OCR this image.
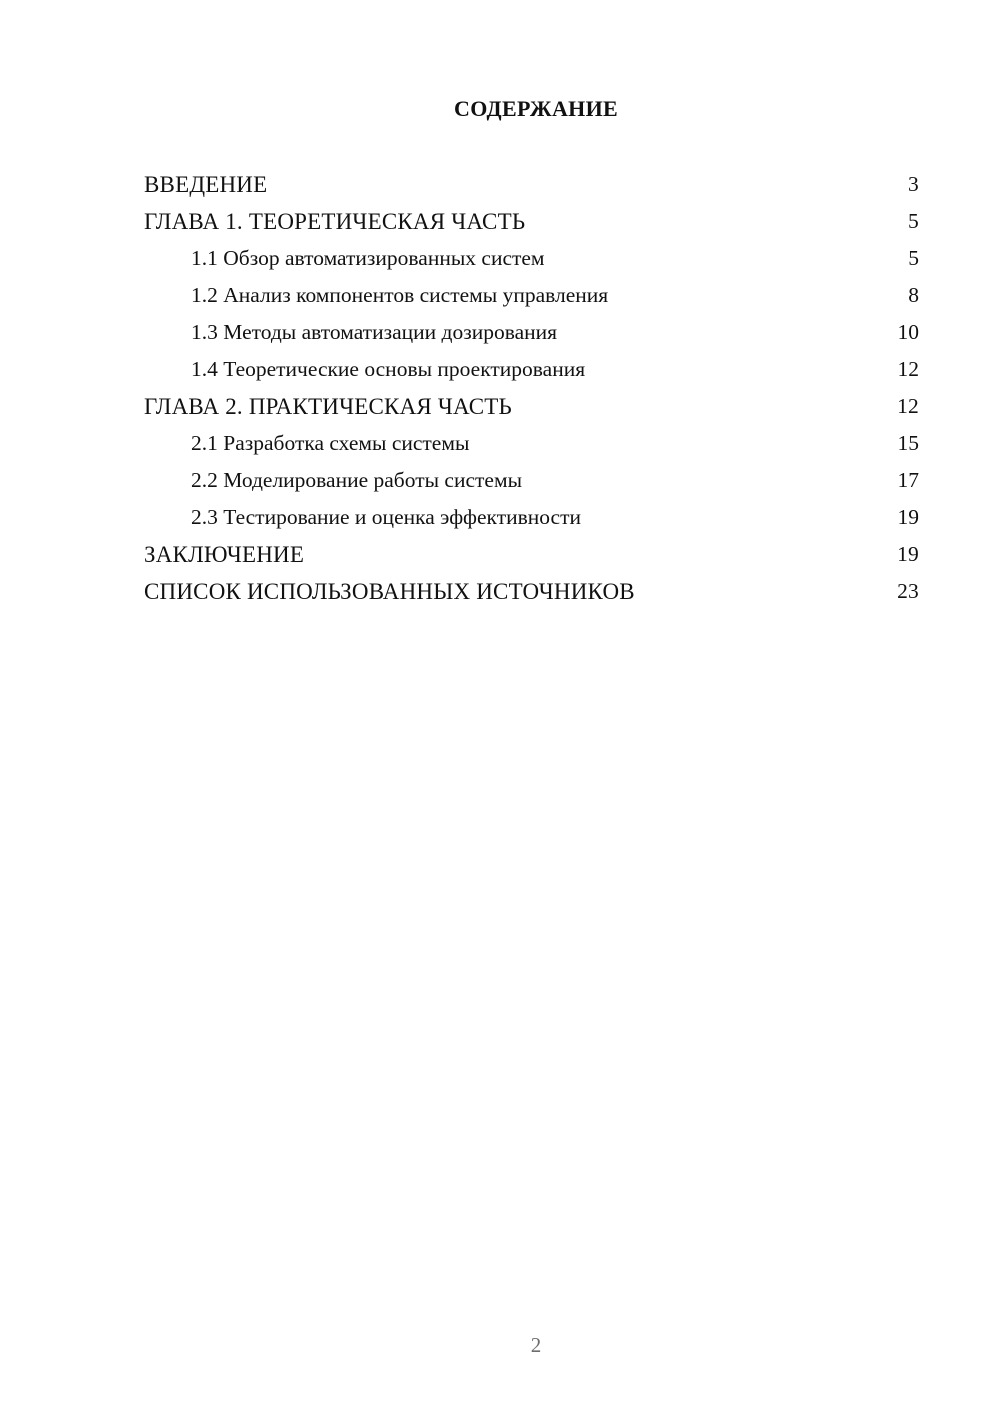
СОДЕРЖАНИЕ
ВВЕДЕНИЕ	3
ГЛАВА 1. ТЕОРЕТИЧЕСКАЯ ЧАСТЬ	5
1.1 Обзор автоматизированных систем	5
1.2 Анализ компонентов системы управления	8
1.3 Методы автоматизации дозирования	10
1.4 Теоретические основы проектирования	12
ГЛАВА 2. ПРАКТИЧЕСКАЯ ЧАСТЬ	12
2.1 Разработка схемы системы	15
2.2 Моделирование работы системы	17
2.3 Тестирование и оценка эффективности	19
ЗАКЛЮЧЕНИЕ	19
СПИСОК ИСПОЛЬЗОВАННЫХ ИСТОЧНИКОВ	23
2
